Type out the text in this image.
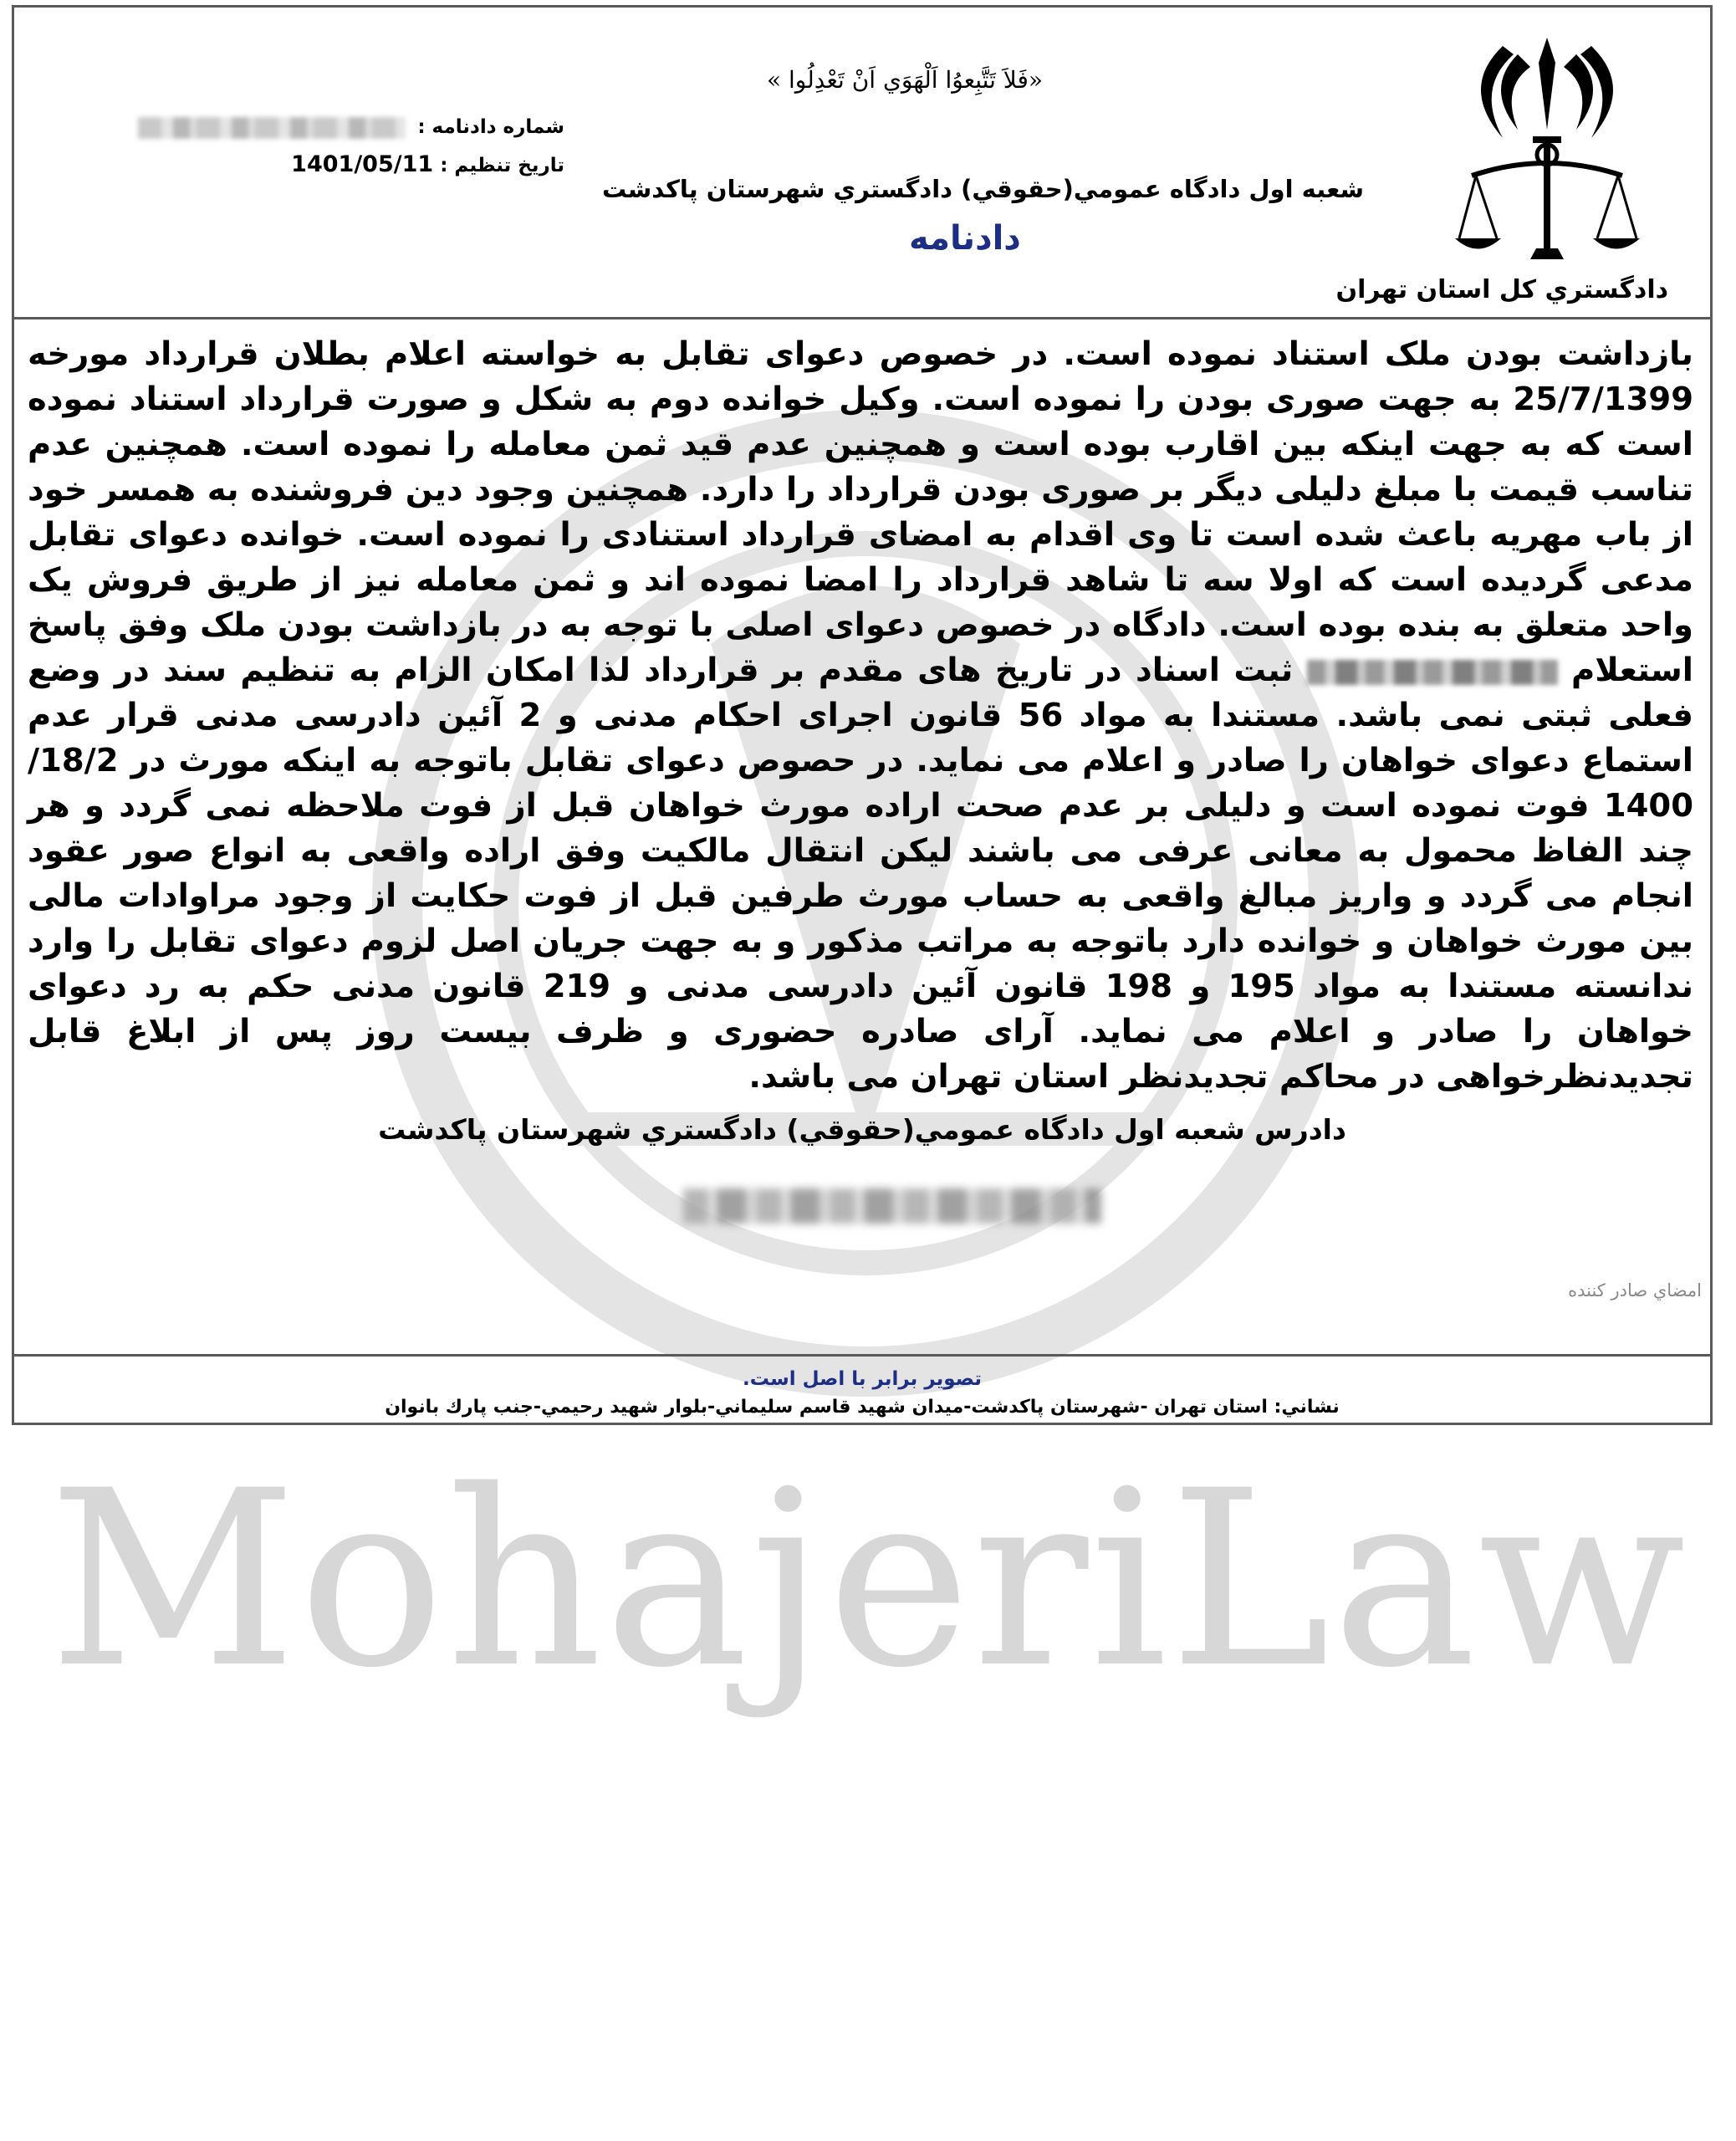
MohajeriLaw
دادگستري كل استان تهران
«فَلاَ تَتَّبِعوُا اَلْهَوَي اَنْ تَعْدِلُوا »
شعبه اول دادگاه عمومي(حقوقي) دادگستري شهرستان پاكدشت
دادنامه
شماره دادنامه :
تاریخ تنظیم : 1401/05/11
بازداشت بودن ملک استناد نموده است. در خصوص دعوای تقابل به خواسته اعلام بطلان قرارداد مورخه 25/7/1399 به جهت صوری بودن را نموده است. وکیل خوانده دوم به شکل و صورت قرارداد استناد نموده است که به جهت اینکه بین اقارب بوده است و همچنین عدم قید ثمن معامله را نموده است. همچنین عدم تناسب قیمت با مبلغ دلیلی دیگر بر صوری بودن قرارداد را دارد. همچنین وجود دین فروشنده به همسر خود از باب مهریه باعث شده است تا وی اقدام به امضای قرارداد استنادی را نموده است. خوانده دعوای تقابل مدعی گردیده است که اولا سه تا شاهد قرارداد را امضا نموده اند و ثمن معامله نیز از طریق فروش یک واحد متعلق به بنده بوده است. دادگاه در خصوص دعوای اصلی با توجه به در بازداشت بودن ملک وفق پاسخ استعلام  ثبت اسناد در تاریخ های مقدم بر قرارداد لذا امکان الزام به تنظیم سند در وضع فعلی ثبتی نمی باشد. مستندا به مواد 56 قانون اجرای احکام مدنی و 2 آئین دادرسی مدنی قرار عدم استماع دعوای خواهان را صادر و اعلام می نماید. در حصوص دعوای تقابل باتوجه به اینکه مورث در 18/2/ 1400 فوت نموده است و دلیلی بر عدم صحت اراده مورث خواهان قبل از فوت ملاحظه نمی گردد و هر چند الفاظ محمول به معانی عرفی می باشند لیکن انتقال مالکیت وفق اراده واقعی به انواع صور عقود انجام می گردد و واریز مبالغ واقعی به حساب مورث طرفین قبل از فوت حکایت از وجود مراوادات مالی بین مورث خواهان و خوانده دارد باتوجه به مراتب مذکور و به جهت جریان اصل لزوم دعوای تقابل را وارد ندانسته مستندا به مواد 195 و 198 قانون آئین دادرسی مدنی و 219 قانون مدنی حکم به رد دعوای خواهان را صادر و اعلام می نماید. آرای صادره حضوری و ظرف بیست روز پس از ابلاغ قابل تجدیدنظرخواهی در محاکم تجدیدنظر استان تهران می باشد.
دادرس شعبه اول دادگاه عمومي(حقوقي) دادگستري شهرستان پاكدشت
امضاي صادر كننده
تصوير برابر با اصل است.
نشاني: استان تهران -شهرستان پاكدشت-ميدان شهيد قاسم سليماني-بلوار شهيد رحيمي-جنب پارك بانوان
